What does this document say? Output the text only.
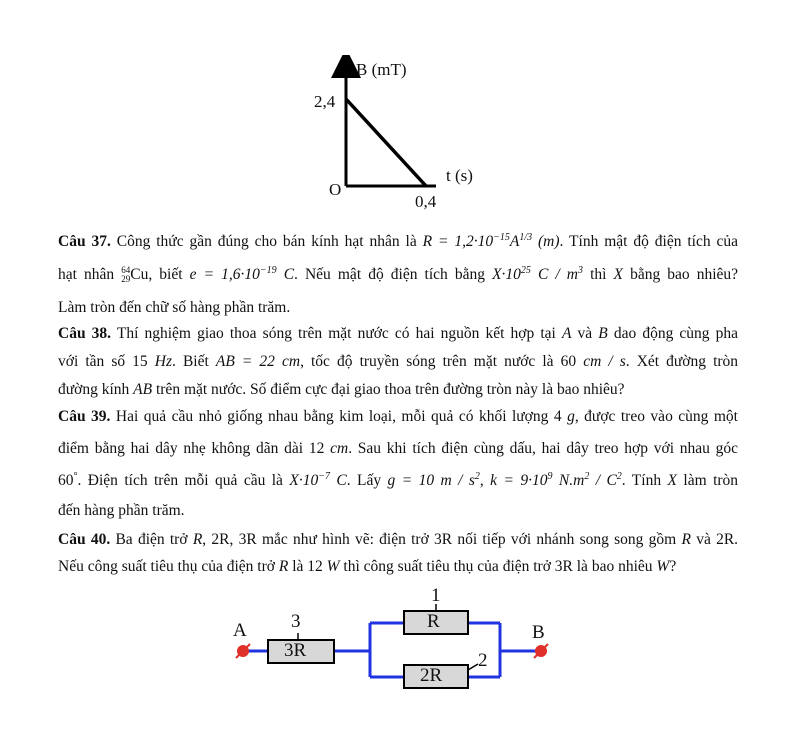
B (mT)
2,4
O
0,4
t (s)
Câu 37. Công thức gần đúng cho bán kính hạt nhân là $R = 1,2\cdot 10^{-15}A^{1/3}$ (m). Tính mật độ điện tích của
hạt nhân 64
29Cu, biết $e = 1,6\cdot 10^{-19}$ C. Nếu mật độ điện tích bằng $X\cdot 10^{25}$ C / $m^3$ thì X bằng bao nhiêu?
Làm tròn đến chữ số hàng phần trăm.
Câu 38. Thí nghiệm giao thoa sóng trên mặt nước có hai nguồn kết hợp tại A và B dao động cùng pha
với tần số 15 Hz. Biết AB = 22 cm, tốc độ truyền sóng trên mặt nước là 60 cm / s. Xét đường tròn
đường kính AB trên mặt nước. Số điểm cực đại giao thoa trên đường tròn này là bao nhiêu?
Câu 39. Hai quả cầu nhỏ giống nhau bằng kim loại, mỗi quả có khối lượng 4 g, được treo vào cùng một
điểm bằng hai dây nhẹ không dãn dài 12 cm. Sau khi tích điện cùng dấu, hai dây treo hợp với nhau góc
60°. Điện tích trên mỗi quả cầu là $X\cdot 10^{-7}$ C. Lấy g = 10 m / $s^2$, $k = 9\cdot 10^9$ $N.m^2 / C^2$. Tính X làm tròn
đến hàng phần trăm.
Câu 40. Ba điện trở R, 2R, 3R mắc như hình vẽ: điện trở 3R nối tiếp với nhánh song song gồm R và 2R.
Nếu công suất tiêu thụ của điện trở R là 12 W thì công suất tiêu thụ của điện trở 3R là bao nhiêu W?
A	B
1
2
3
3R
R
2R
